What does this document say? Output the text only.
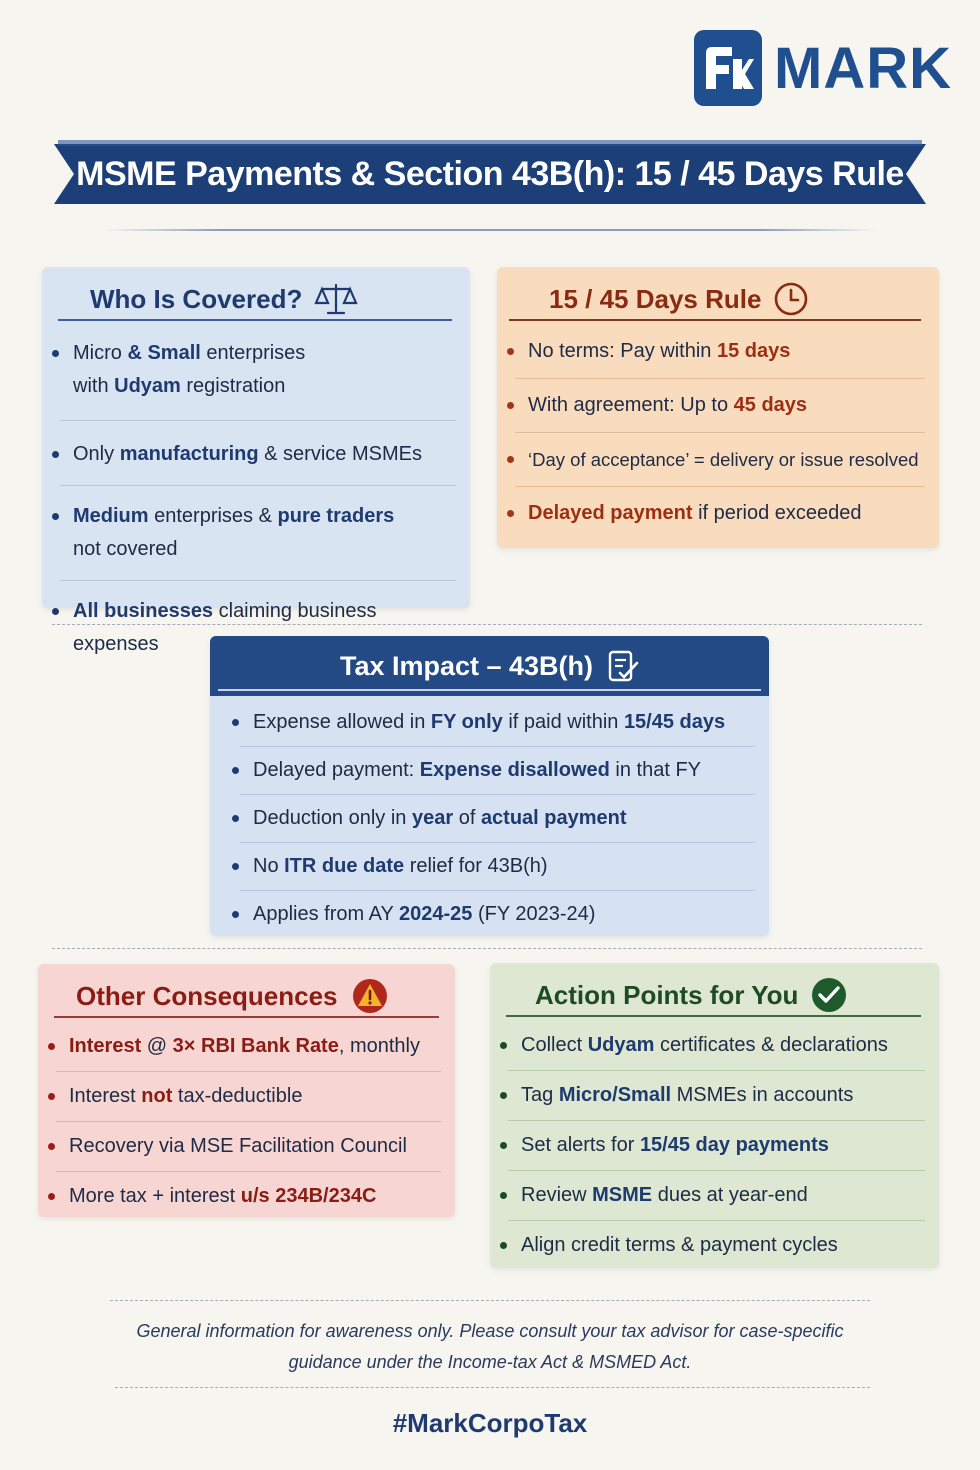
MARK
MSME Payments & Section 43B(h): 15 / 45 Days Rule
Who Is Covered?
Micro & Small enterprises
with Udyam registration
Only manufacturing & service MSMEs
Medium enterprises & pure traders
not covered
All businesses claiming business expenses
15 / 45 Days Rule
No terms: Pay within 15 days
With agreement: Up to 45 days
‘Day of acceptance’ = delivery or issue resolved
Delayed payment if period exceeded
Tax Impact – 43B(h)
Expense allowed in FY only if paid within 15/45 days
Delayed payment: Expense disallowed in that FY
Deduction only in year of actual payment
No ITR due date relief for 43B(h)
Applies from AY 2024-25 (FY 2023-24)
Other Consequences
Interest @ 3× RBI Bank Rate, monthly
Interest not tax-deductible
Recovery via MSE Facilitation Council
More tax + interest u/s 234B/234C
Action Points for You
Collect Udyam certificates & declarations
Tag Micro/Small MSMEs in accounts
Set alerts for 15/45 day payments
Review MSME dues at year-end
Align credit terms & payment cycles
General information for awareness only. Please consult your tax advisor for case-specific
guidance under the Income-tax Act & MSMED Act.
#MarkCorpoTax
